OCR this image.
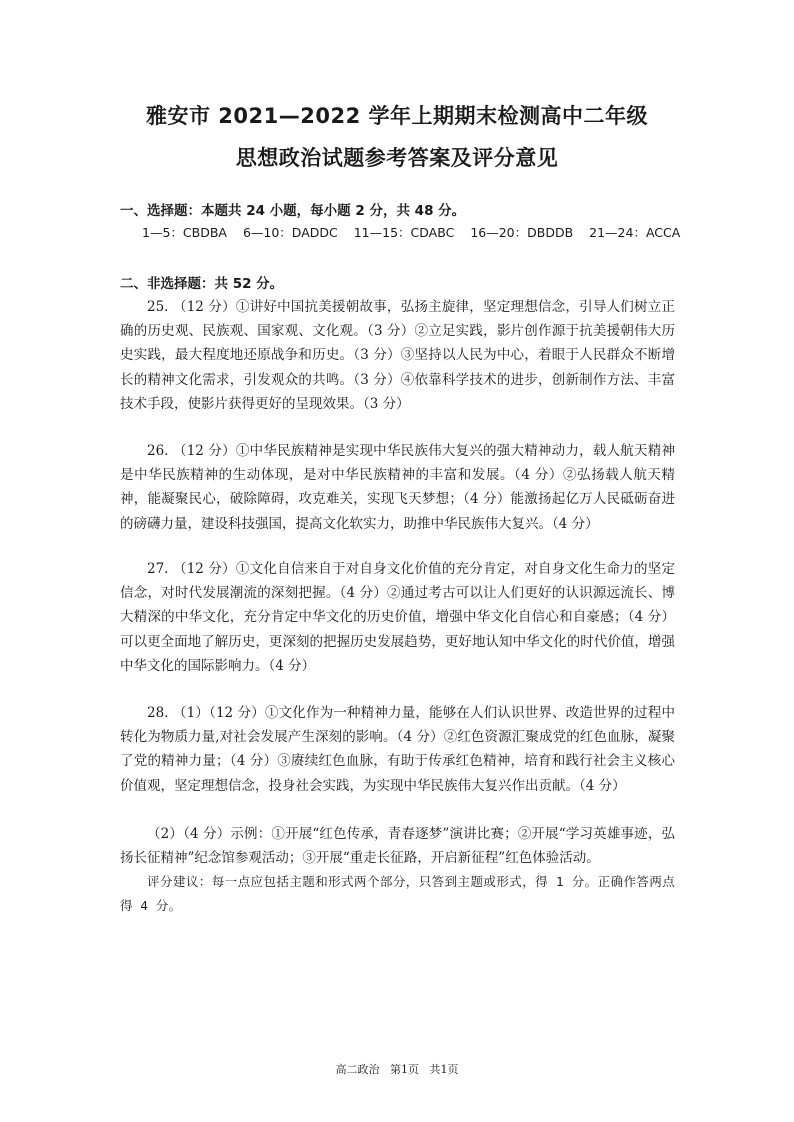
雅安市 2021—2022 学年上期期末检测高中二年级
思想政治试题参考答案及评分意见
一、选择题：本题共 24 小题，每小题 2 分，共 48 分。
1—5：CBDBA 6—10：DADDC 11—15：CDABC 16—20：DBDDB 21—24：ACCA
二、非选择题：共 52 分。

25. （12 分）①讲好中国抗美援朝故事，弘扬主旋律，坚定理想信念，引导人们树立正确的历史观、民族观、国家观、文化观。（3 分）②立足实践，影片创作源于抗美援朝伟大历史实践，最大程度地还原战争和历史。（3 分）③坚持以人民为中心，着眼于人民群众不断增长的精神文化需求，引发观众的共鸣。（3 分）④依靠科学技术的进步，创新制作方法、丰富技术手段，使影片获得更好的呈现效果。（3 分）

26. （12 分）①中华民族精神是实现中华民族伟大复兴的强大精神动力，载人航天精神是中华民族精神的生动体现，是对中华民族精神的丰富和发展。（4 分）②弘扬载人航天精神，能凝聚民心，破除障碍，攻克难关，实现飞天梦想；（4 分）能激扬起亿万人民砥砺奋进的磅礴力量，建设科技强国，提高文化软实力，助推中华民族伟大复兴。（4 分）

27. （12 分）①文化自信来自于对自身文化价值的充分肯定，对自身文化生命力的坚定信念，对时代发展潮流的深刻把握。（4 分）②通过考古可以让人们更好的认识源远流长、博大精深的中华文化，充分肯定中华文化的历史价值，增强中华文化自信心和自豪感；（4 分）可以更全面地了解历史，更深刻的把握历史发展趋势，更好地认知中华文化的时代价值，增强中华文化的国际影响力。（4 分）

28. （1）（12 分）①文化作为一种精神力量，能够在人们认识世界、改造世界的过程中转化为物质力量,对社会发展产生深刻的影响。（4 分）②红色资源汇聚成党的红色血脉，凝聚了党的精神力量；（4 分）③赓续红色血脉，有助于传承红色精神，培育和践行社会主义核心价值观，坚定理想信念，投身社会实践，为实现中华民族伟大复兴作出贡献。（4 分）

（2）（4 分）示例：①开展“红色传承，青春逐梦”演讲比赛；②开展“学习英雄事迹，弘扬长征精神”纪念馆参观活动；③开展“重走长征路，开启新征程”红色体验活动。

评分建议：每一点应包括主题和形式两个部分，只答到主题或形式，得 1 分。正确作答两点得 4 分。

高二政治   第1页   共1页
